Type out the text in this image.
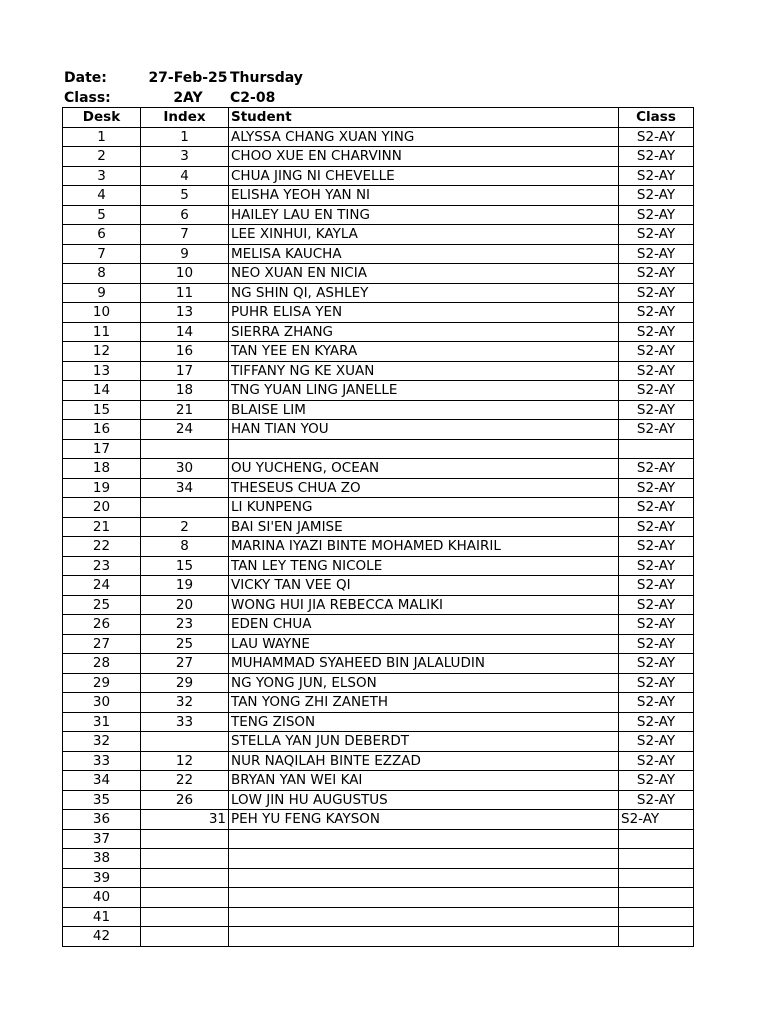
Date:	27-Feb-25 Thursday
Class:	2AY	C2-08
Desk	Index	Student	Class
1	1	ALYSSA CHANG XUAN YING	S2-AY
2	3	CHOO XUE EN CHARVINN	S2-AY
3	4	CHUA JING NI CHEVELLE	S2-AY
4	5	ELISHA YEOH YAN NI	S2-AY
5	6	HAILEY LAU EN TING	S2-AY
6	7	LEE XINHUI, KAYLA	S2-AY
7	9	MELISA KAUCHA	S2-AY
8	10	NEO XUAN EN NICIA	S2-AY
9	11	NG SHIN QI, ASHLEY	S2-AY
10	13	PUHR ELISA YEN	S2-AY
11	14	SIERRA ZHANG	S2-AY
12	16	TAN YEE EN KYARA	S2-AY
13	17	TIFFANY NG KE XUAN	S2-AY
14	18	TNG YUAN LING JANELLE	S2-AY
15	21	BLAISE LIM	S2-AY
16	24	HAN TIAN YOU	S2-AY
17			
18	30	OU YUCHENG, OCEAN	S2-AY
19	34	THESEUS CHUA ZO	S2-AY
20		LI KUNPENG	S2-AY
21	2	BAI SI'EN JAMISE	S2-AY
22	8	MARINA IYAZI BINTE MOHAMED KHAIRIL	S2-AY
23	15	TAN LEY TENG NICOLE	S2-AY
24	19	VICKY TAN VEE QI	S2-AY
25	20	WONG HUI JIA REBECCA MALIKI	S2-AY
26	23	EDEN CHUA	S2-AY
27	25	LAU WAYNE	S2-AY
28	27	MUHAMMAD SYAHEED BIN JALALUDIN	S2-AY
29	29	NG YONG JUN, ELSON	S2-AY
30	32	TAN YONG ZHI ZANETH	S2-AY
31	33	TENG ZISON	S2-AY
32		STELLA YAN JUN DEBERDT	S2-AY
33	12	NUR NAQILAH BINTE EZZAD	S2-AY
34	22	BRYAN YAN WEI KAI	S2-AY
35	26	LOW JIN HU AUGUSTUS	S2-AY
36	31	PEH YU FENG KAYSON	S2-AY
37			
38			
39			
40			
41			
42			
